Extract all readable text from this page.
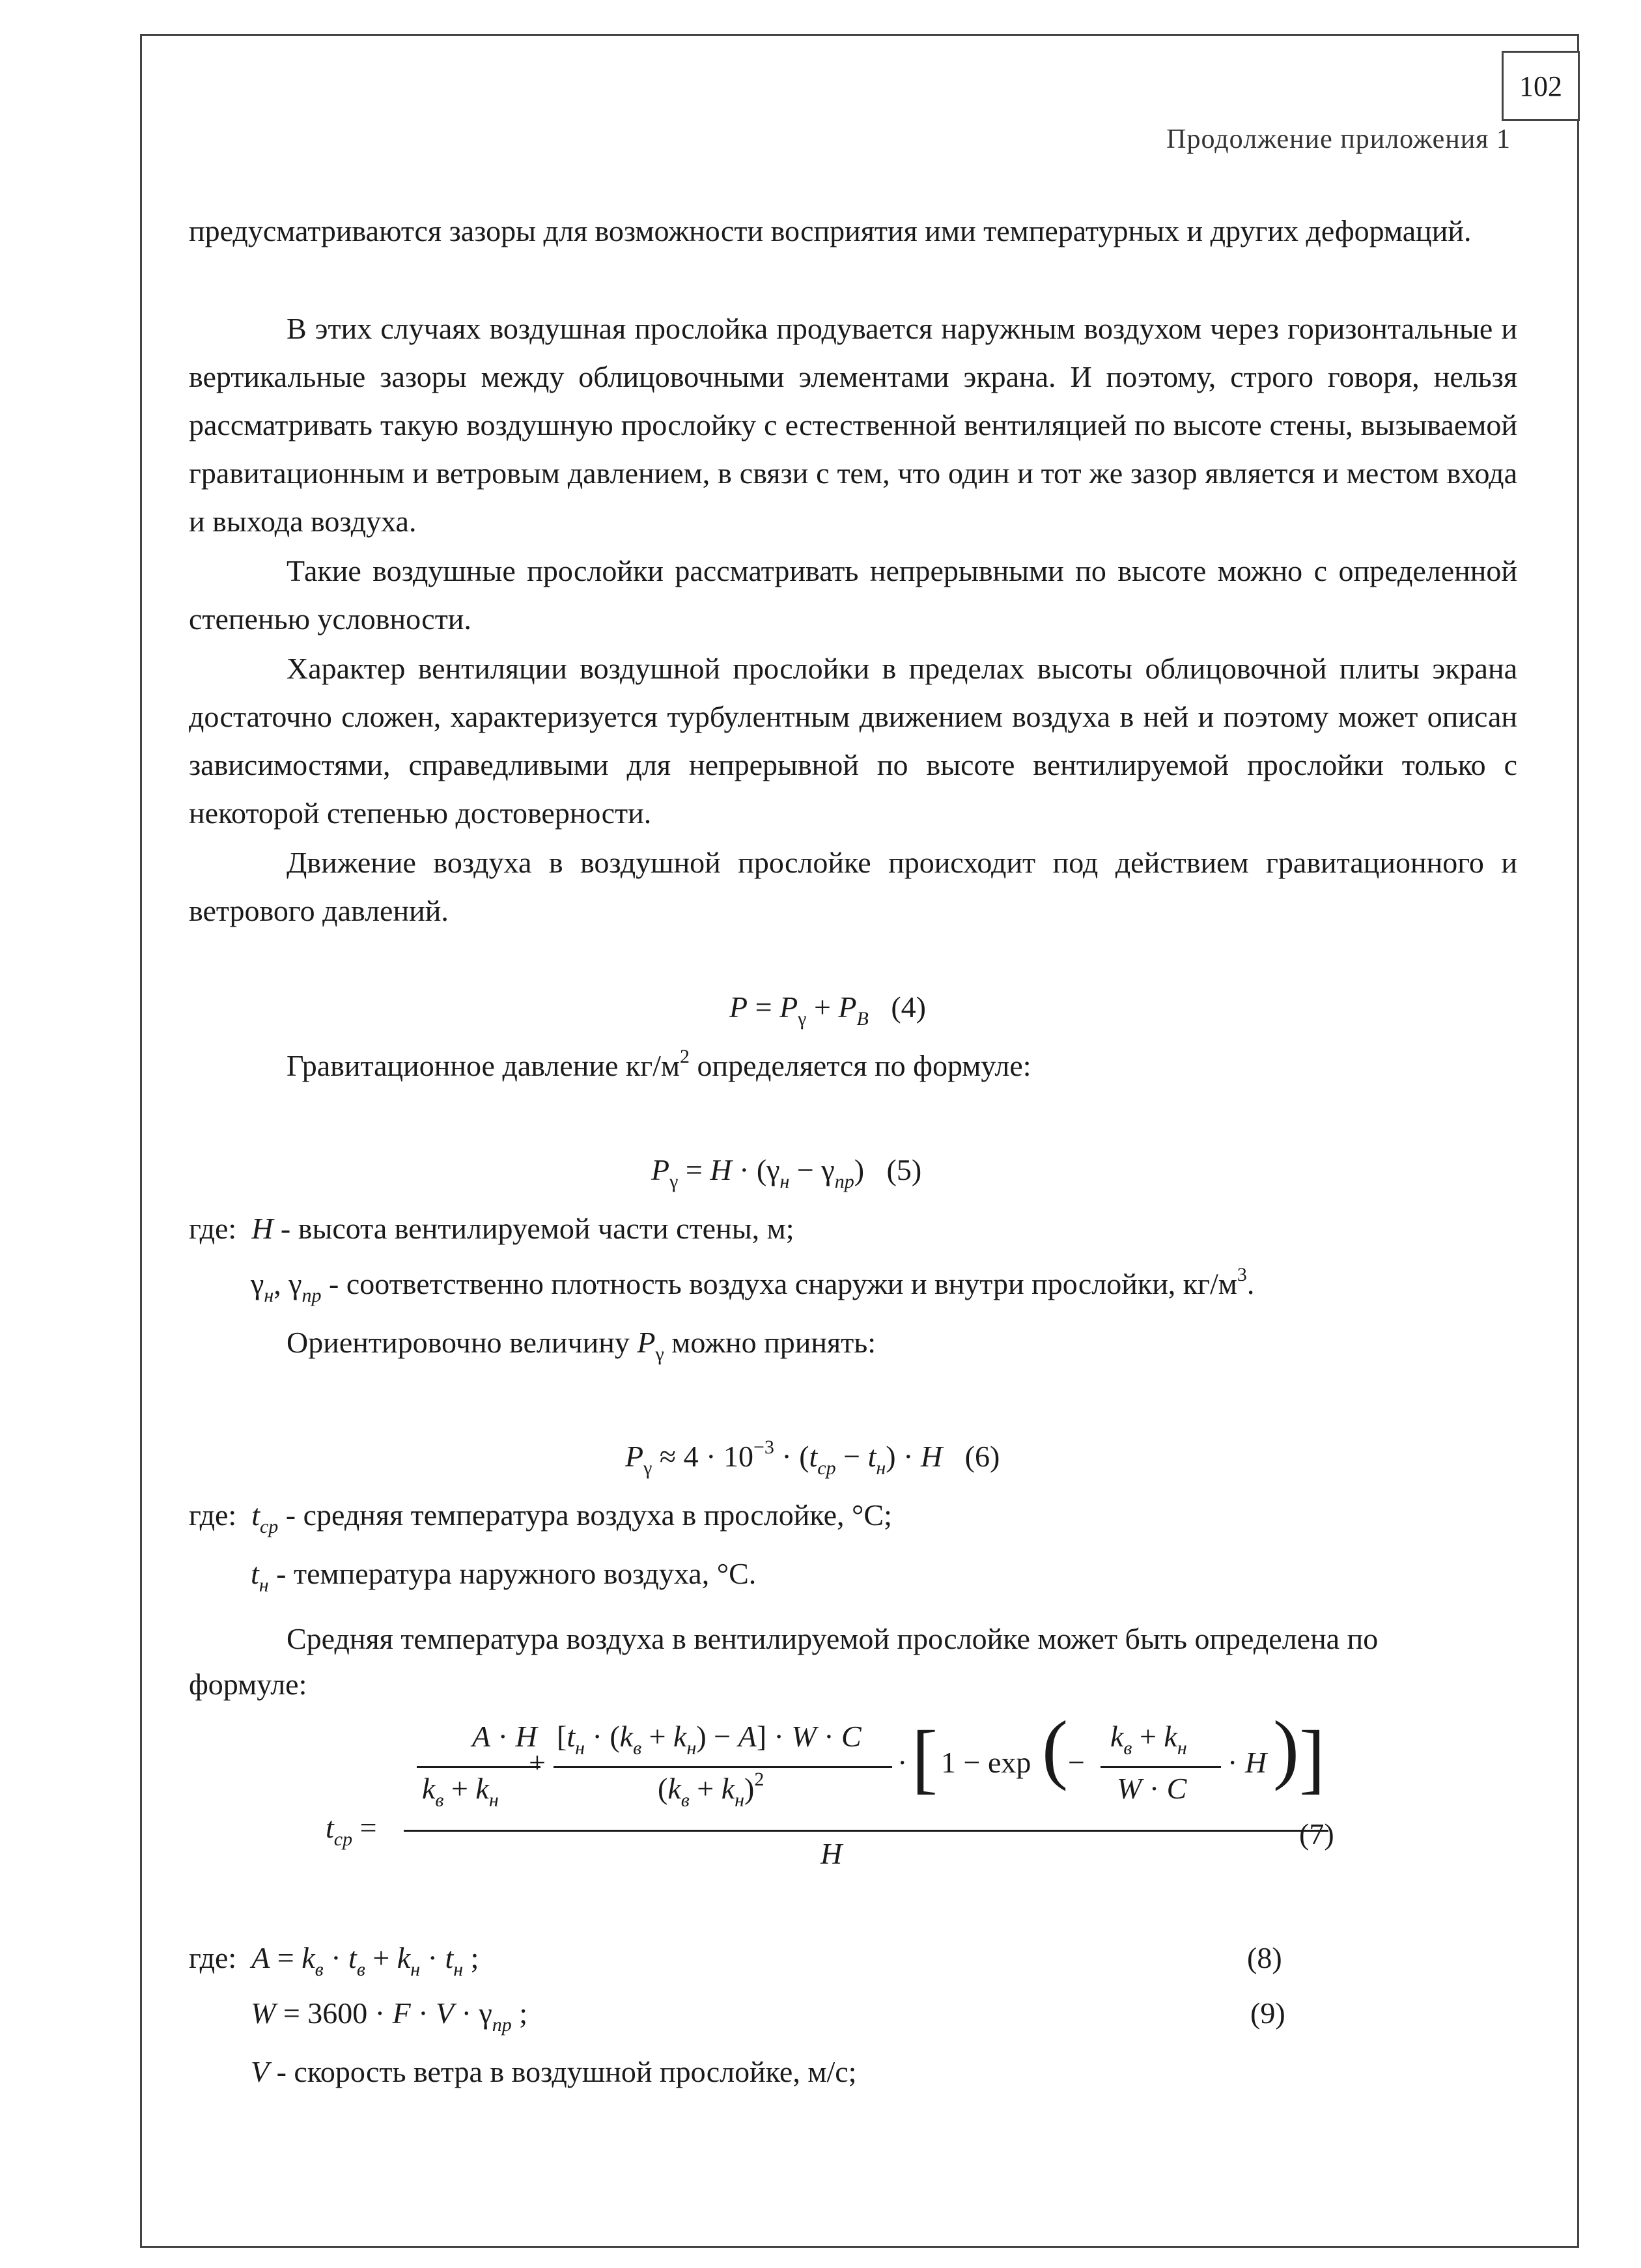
102
Продолжение приложения 1

предусматриваются зазоры для возможности восприятия ими температурных и других деформаций.

В этих случаях воздушная прослойка продувается наружным воздухом через горизонтальные и вертикальные зазоры между облицовочными элементами экрана. И поэтому, строго говоря, нельзя рассматривать такую воздушную прослойку с естественной вентиляцией по высоте стены, вызываемой гравитационным и ветровым давлением, в связи с тем, что один и тот же зазор является и местом входа и выхода воздуха.

Такие воздушные прослойки рассматривать непрерывными по высоте можно с определенной степенью условности.

Характер вентиляции воздушной прослойки в пределах высоты облицовочной плиты экрана достаточно сложен, характеризуется турбулентным движением воздуха в ней и поэтому может описан зависимостями, справедливыми для непрерывной по высоте вентилируемой прослойки только с некоторой степенью достоверности.

Движение воздуха в воздушной прослойке происходит под действием гравитационного и ветрового давлений.

$P = P_\gamma + P_B$ (4)
Гравитационное давление $кг/м^2$ определяется по формуле:
$P_\gamma = H \cdot (\gamma_н - \gamma_{пр})$   (5)
где: H - высота вентилируемой части стены, м;
$\gamma_н$, $\gamma_{пр}$ - соответственно плотность воздуха снаружи и внутри прослойки, $кг/м^3$.
Ориентировочно величину $P_\gamma$ можно принять:
$P_\gamma \approx 4 \cdot 10^{-3} \cdot (t_{ср} - t_н) \cdot H$ (6)
где: $t_{ср}$ - средняя температура воздуха в прослойке, °С;
$t_н$ - температура наружного воздуха, °С.
Средняя температура воздуха в вентилируемой прослойке может быть определена по
формуле:
$t_{ср}$ =
A · H
$k_в + k_н$
+
$[t_н \cdot (k_в + k_н) - A] \cdot W \cdot C$
$(k_в + k_н)^2$
· [ 1 − exp ( −
$k_в + k_н$
W · C
· H ) ]
H
(7)
где: $A = k_в \cdot t_в + k_н \cdot t_н$ ;	(8)
$W = 3600 \cdot F \cdot V \cdot \gamma_{пр}$ ;	(9)
V - скорость ветра в воздушной прослойке, м/с;
